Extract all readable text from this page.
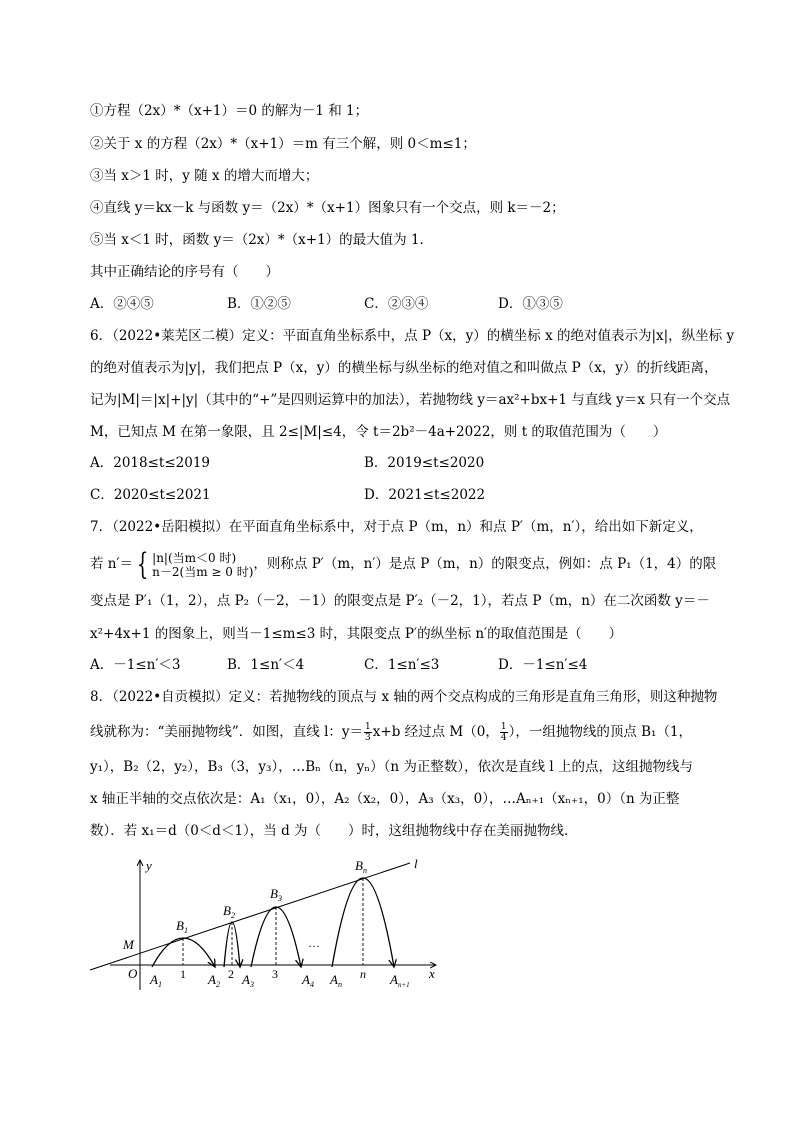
①方程（2x）*（x+1）＝0 的解为－1 和 1；
②关于 x 的方程（2x）*（x+1）＝m 有三个解，则 0＜m≤1；
③当 x＞1 时，y 随 x 的增大而增大；
④直线 y＝kx－k 与函数 y＝（2x）*（x+1）图象只有一个交点，则 k＝－2；
⑤当 x＜1 时，函数 y＝（2x）*（x+1）的最大值为 1．
其中正确结论的序号有（　　）
A．②④⑤	B．①②⑤	C．②③④	D．①③⑤
6．（2022•莱芜区二模）定义：平面直角坐标系中，点 P（x，y）的横坐标 x 的绝对值表示为|x|，纵坐标 y
的绝对值表示为|y|，我们把点 P（x，y）的横坐标与纵坐标的绝对值之和叫做点 P（x，y）的折线距离，
记为|M|＝|x|+|y|（其中的“+”是四则运算中的加法），若抛物线 y＝ax²+bx+1 与直线 y＝x 只有一个交点
M，已知点 M 在第一象限，且 2≤|M|≤4，令 t＝2b²－4a+2022，则 t 的取值范围为（　　）
A．2018≤t≤2019	B．2019≤t≤2020
C．2020≤t≤2021	D．2021≤t≤2022
7．（2022•岳阳模拟）在平面直角坐标系中，对于点 P（m，n）和点 P′（m，n′），给出如下新定义，
若 n′＝ { |n|(当m＜0 时)
n－2(当m ≥ 0 时) ，则称点 P′（m，n′）是点 P（m，n）的限变点，例如：点 P₁（1，4）的限
变点是 P′₁（1，2），点 P₂（－2，－1）的限变点是 P′₂（－2，1），若点 P（m，n）在二次函数 y＝－
x²+4x+1 的图象上，则当－1≤m≤3 时，其限变点 P′的纵坐标 n′的取值范围是（　　）
A．－1≤n′＜3	B．1≤n′＜4	C．1≤n′≤3	D．－1≤n′≤4
8．（2022•自贡模拟）定义：若抛物线的顶点与 x 轴的两个交点构成的三角形是直角三角形，则这种抛物
线就称为：“美丽抛物线”．如图，直线 l：$y= \frac{1}{3} x+b$ 经过点 M（0， $\frac{1}{4}$ ），一组抛物线的顶点 B₁（1，
y₁），B₂（2，y₂），B₃（3，y₃），…Bₙ（n，yₙ）（n 为正整数），依次是直线 l 上的点，这组抛物线与
x 轴正半轴的交点依次是：A₁（x₁，0），A₂（x₂，0），A₃（x₃，0），…Aₙ₊₁（xₙ₊₁，0）（n 为正整
数）．若 x₁＝d（0＜d＜1），当 d 为（　　）时，这组抛物线中存在美丽抛物线．
y
x
l
M
O
$B_1$
$B_2$
$B_3$
$B_n$
$A_1$	$A_2$ $A_3$	$A_4$ $A_n$	$A_{n+1}$
1	2	3	n
…
